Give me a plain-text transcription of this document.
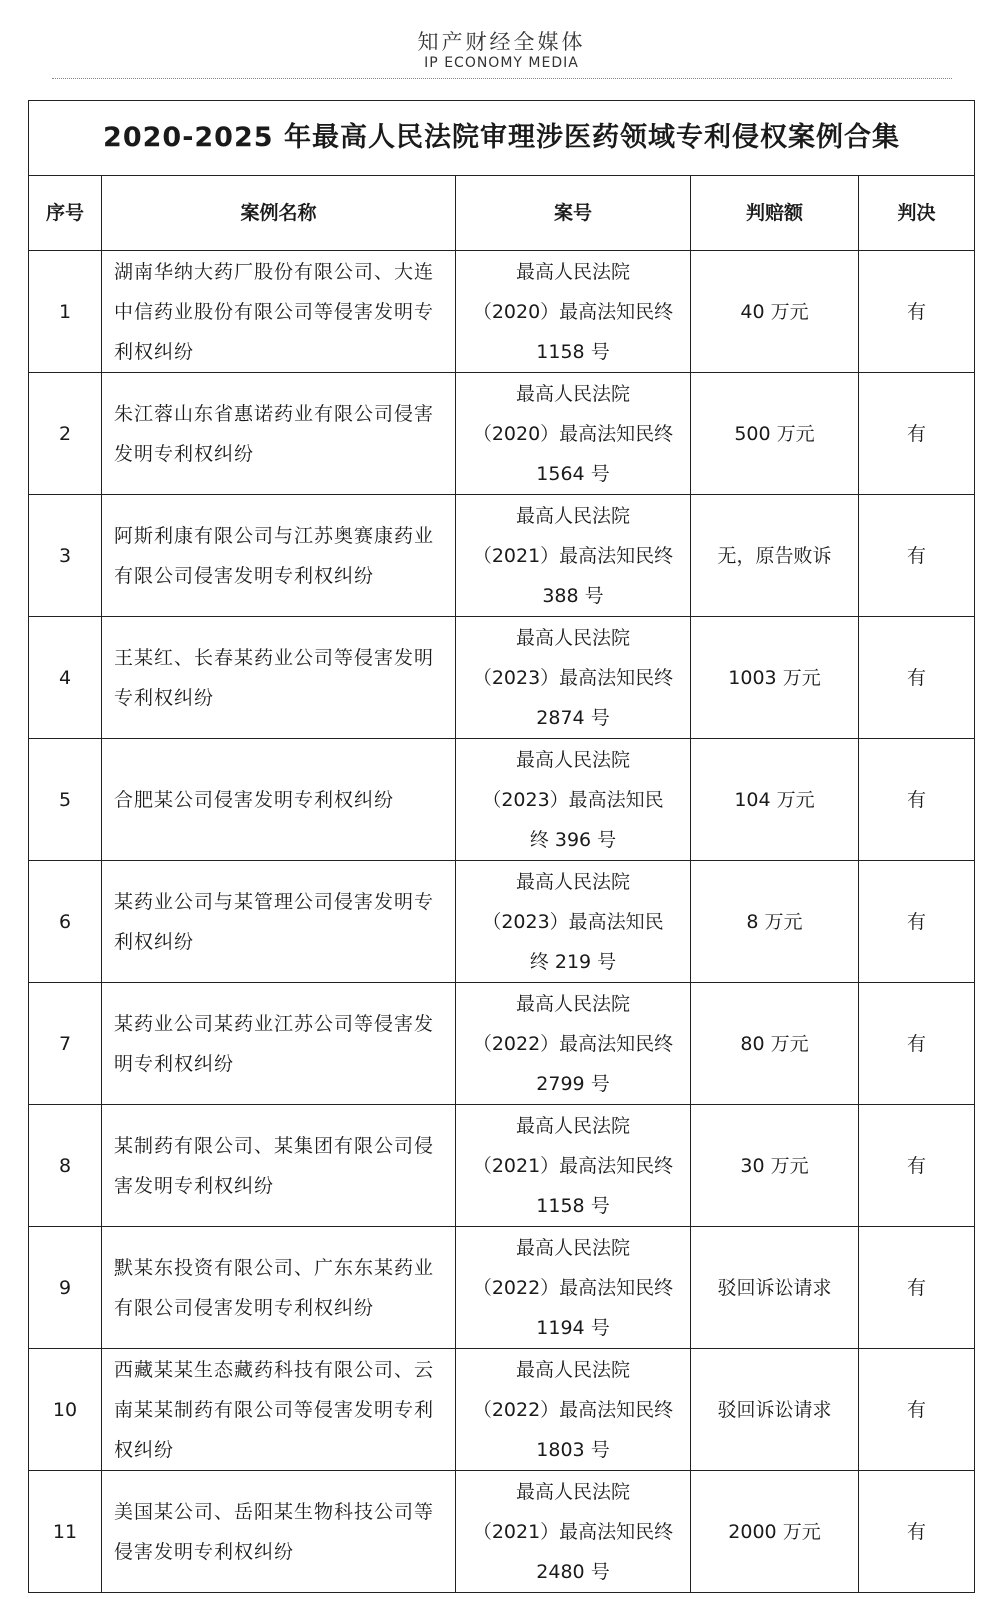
知产财经全媒体
IP ECONOMY MEDIA
2020-2025 年最高人民法院审理涉医药领域专利侵权案例合集				
序号	案例名称	案号	判赔额	判决
1	湖南华纳大药厂股份有限公司、大连中信药业股份有限公司等侵害发明专利权纠纷	最高人民法院
（2020）最高法知民终
1158 号	40 万元	有
2	朱江蓉山东省惠诺药业有限公司侵害发明专利权纠纷	最高人民法院
（2020）最高法知民终
1564 号	500 万元	有
3	阿斯利康有限公司与江苏奥赛康药业有限公司侵害发明专利权纠纷	最高人民法院
（2021）最高法知民终
388 号	无，原告败诉	有
4	王某红、长春某药业公司等侵害发明专利权纠纷	最高人民法院
（2023）最高法知民终
2874 号	1003 万元	有
5	合肥某公司侵害发明专利权纠纷	最高人民法院
（2023）最高法知民
终 396 号	104 万元	有
6	某药业公司与某管理公司侵害发明专利权纠纷	最高人民法院
（2023）最高法知民
终 219 号	8 万元	有
7	某药业公司某药业江苏公司等侵害发明专利权纠纷	最高人民法院
（2022）最高法知民终
2799 号	80 万元	有
8	某制药有限公司、某集团有限公司侵害发明专利权纠纷	最高人民法院
（2021）最高法知民终
1158 号	30 万元	有
9	默某东投资有限公司、广东东某药业有限公司侵害发明专利权纠纷	最高人民法院
（2022）最高法知民终
1194 号	驳回诉讼请求	有
10	西藏某某生态藏药科技有限公司、云南某某制药有限公司等侵害发明专利权纠纷	最高人民法院
（2022）最高法知民终
1803 号	驳回诉讼请求	有
11	美国某公司、岳阳某生物科技公司等侵害发明专利权纠纷	最高人民法院
（2021）最高法知民终
2480 号	2000 万元	有
